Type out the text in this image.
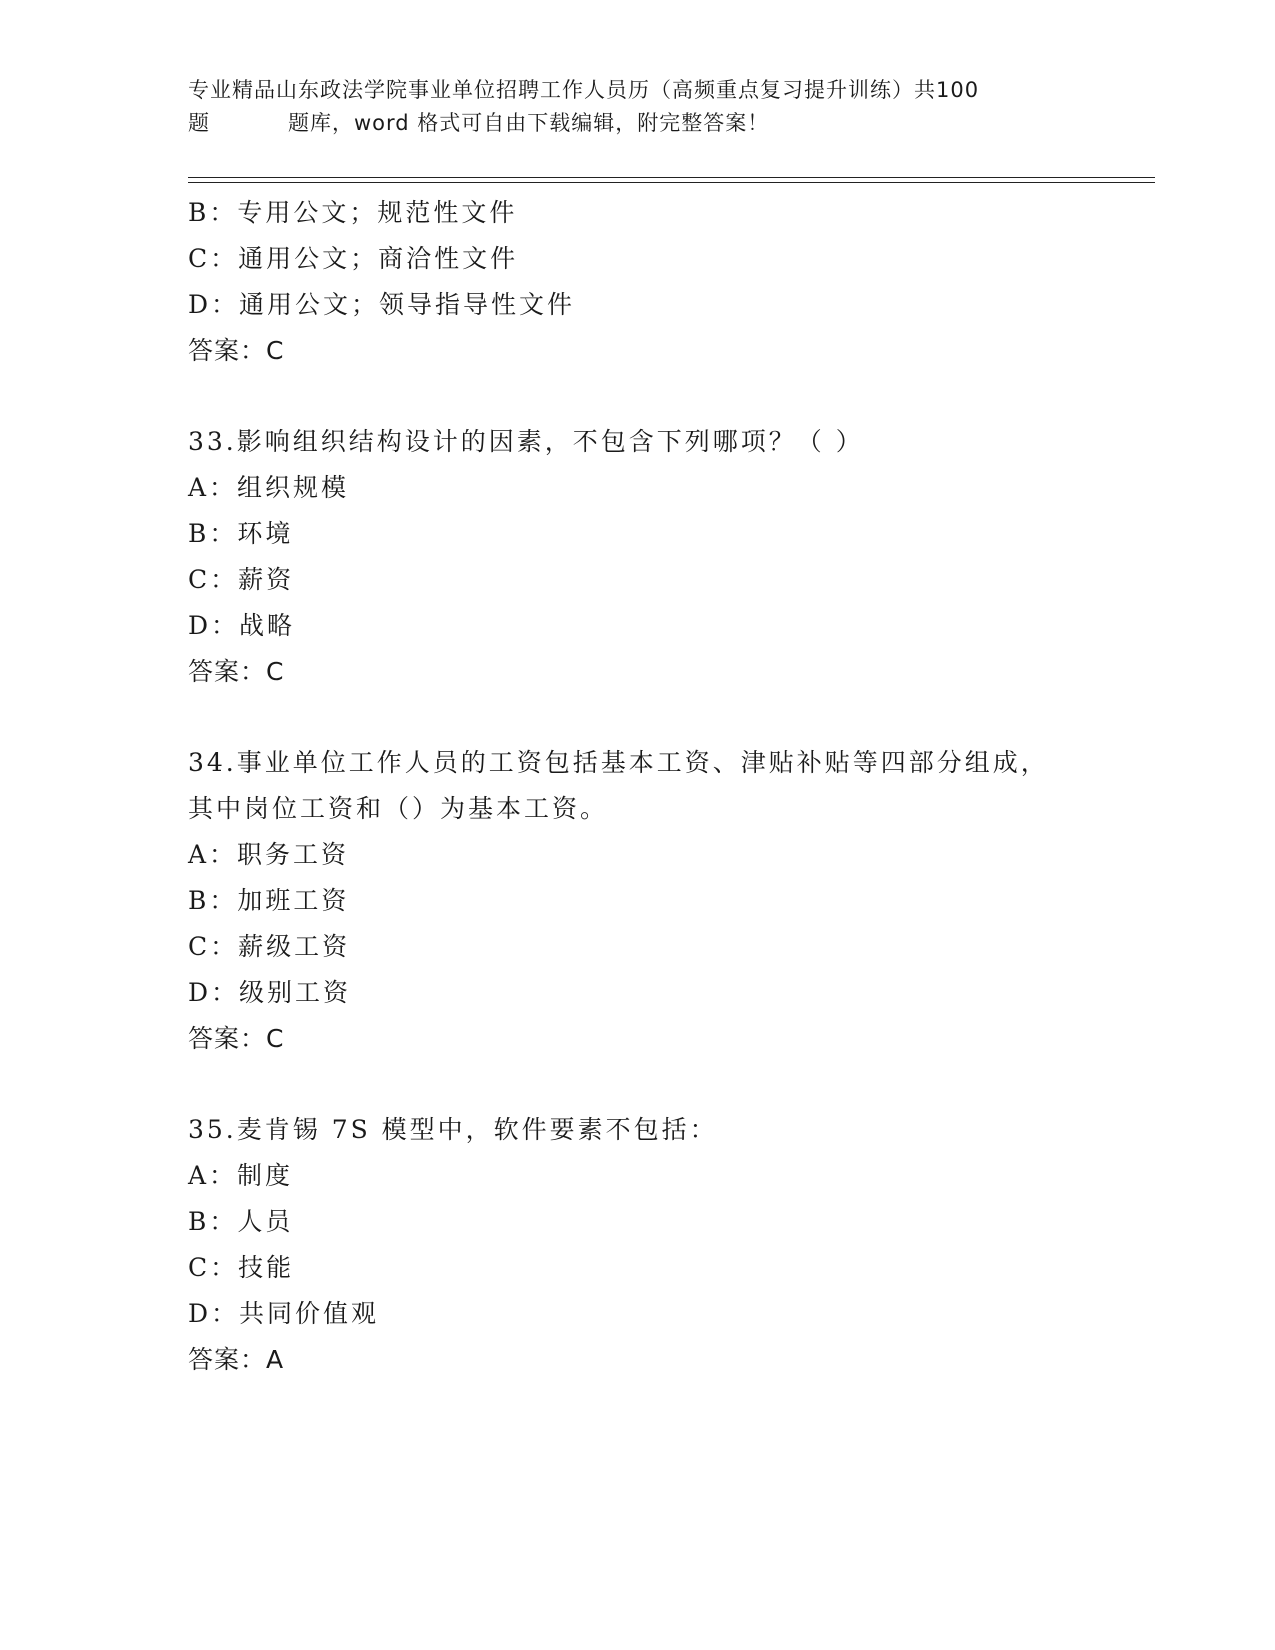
专业精品山东政法学院事业单位招聘工作人员历（高频重点复习提升训练）共100
题	题库，word 格式可自由下载编辑，附完整答案！
B：专用公文；规范性文件
C：通用公文；商洽性文件
D：通用公文；领导指导性文件
答案：C
33.影响组织结构设计的因素，不包含下列哪项？（ ）
A：组织规模
B：环境
C：薪资
D：战略
答案：C
34.事业单位工作人员的工资包括基本工资、津贴补贴等四部分组成，
其中岗位工资和（）为基本工资。
A：职务工资
B：加班工资
C：薪级工资
D：级别工资
答案：C
35.麦肯锡 7S 模型中，软件要素不包括：
A：制度
B：人员
C：技能
D：共同价值观
答案：A
